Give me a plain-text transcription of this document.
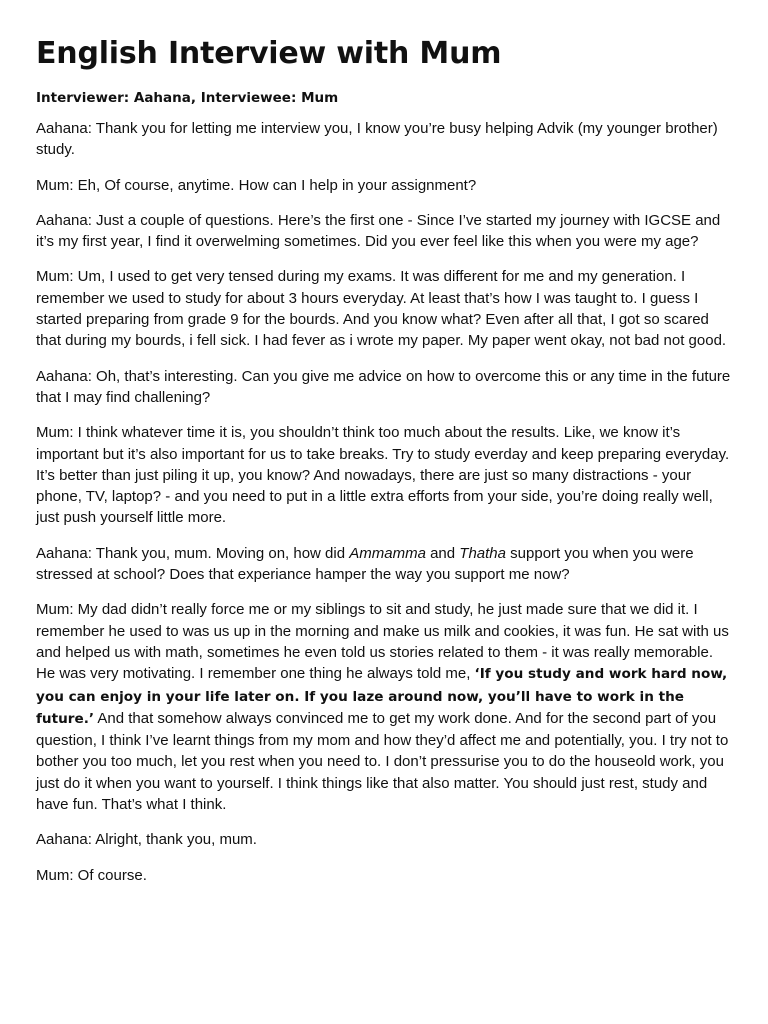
English Interview with Mum
Interviewer: Aahana, Interviewee: Mum

Aahana: Thank you for letting me interview you, I know you’re busy helping Advik (my younger brother) study.

Mum: Eh, Of course, anytime. How can I help in your assignment?

Aahana: Just a couple of questions. Here’s the first one - Since I’ve started my journey with IGCSE and it’s my first year, I find it overwelming sometimes. Did you ever feel like this when you were my age?

Mum: Um, I used to get very tensed during my exams. It was different for me and my generation. I remember we used to study for about 3 hours everyday. At least that’s how I was taught to. I guess I started preparing from grade 9 for the bourds. And you know what? Even after all that, I got so scared that during my bourds, i fell sick. I had fever as i wrote my paper. My paper went okay, not bad not good.

Aahana: Oh, that’s interesting. Can you give me advice on how to overcome this or any time in the future that I may find challening?

Mum: I think whatever time it is, you shouldn’t think too much about the results. Like, we know it’s important but it’s also important for us to take breaks. Try to study everday and keep preparing everyday. It’s better than just piling it up, you know? And nowadays, there are just so many distractions - your phone, TV, laptop? - and you need to put in a little extra efforts from your side, you’re doing really well, just push yourself little more.

Aahana: Thank you, mum. Moving on, how did Ammamma and Thatha support you when you were stressed at school? Does that experiance hamper the way you support me now?

Mum: My dad didn’t really force me or my siblings to sit and study, he just made sure that we did it. I remember he used to was us up in the morning and make us milk and cookies, it was fun. He sat with us and helped us with math, sometimes he even told us stories related to them - it was really memorable. He was very motivating. I remember one thing he always told me, ‘If you study and work hard now, you can enjoy in your life later on. If you laze around now, you’ll have to work in the future.’ And that somehow always convinced me to get my work done. And for the second part of you question, I think I’ve learnt things from my mom and how they’d affect me and potentially, you. I try not to bother you too much, let you rest when you need to. I don’t pressurise you to do the houseold work, you just do it when you want to yourself. I think things like that also matter. You should just rest, study and have fun. That’s what I think.

Aahana: Alright, thank you, mum.

Mum: Of course.
